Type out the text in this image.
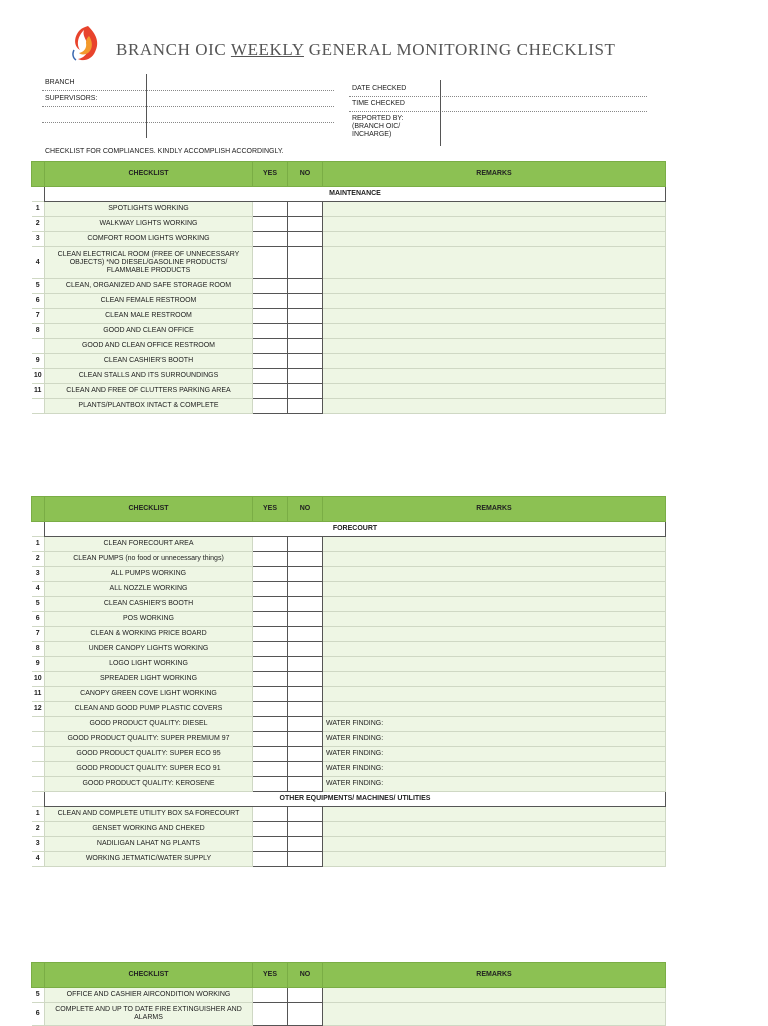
BRANCH OIC WEEKLY GENERAL MONITORING CHECKLIST
BRANCH
SUPERVISORS:
DATE CHECKED
TIME CHECKED
REPORTED BY:
(BRANCH OIC/
INCHARGE)
CHECKLIST FOR COMPLIANCES. KINDLY ACCOMPLISH ACCORDINGLY.
	CHECKLIST	YES	NO	REMARKS
	MAINTENANCE			
1	SPOTLIGHTS WORKING			
2	WALKWAY LIGHTS WORKING			
3	COMFORT ROOM LIGHTS WORKING			
4	CLEAN ELECTRICAL ROOM (FREE OF UNNECESSARY OBJECTS) *NO DIESEL/GASOLINE PRODUCTS/ FLAMMABLE PRODUCTS			
5	CLEAN, ORGANIZED AND SAFE STORAGE ROOM			
6	CLEAN FEMALE RESTROOM			
7	CLEAN MALE RESTROOM			
8	GOOD AND CLEAN OFFICE			
	GOOD AND CLEAN OFFICE RESTROOM			
9	CLEAN CASHIER'S BOOTH			
10	CLEAN STALLS AND ITS SURROUNDINGS			
11	CLEAN AND FREE OF CLUTTERS PARKING AREA			
	PLANTS/PLANTBOX INTACT & COMPLETE			
	CHECKLIST	YES	NO	REMARKS
	FORECOURT			
1	CLEAN FORECOURT AREA			
2	CLEAN PUMPS (no food or unnecessary things)			
3	ALL PUMPS WORKING			
4	ALL NOZZLE WORKING			
5	CLEAN CASHIER'S BOOTH			
6	POS WORKING			
7	CLEAN & WORKING PRICE BOARD			
8	UNDER CANOPY LIGHTS WORKING			
9	LOGO LIGHT WORKING			
10	SPREADER LIGHT WORKING			
11	CANOPY GREEN COVE LIGHT WORKING			
12	CLEAN AND GOOD PUMP PLASTIC COVERS			
	GOOD PRODUCT QUALITY: DIESEL			WATER FINDING:
	GOOD PRODUCT QUALITY: SUPER PREMIUM 97			WATER FINDING:
	GOOD PRODUCT QUALITY: SUPER ECO 95			WATER FINDING:
	GOOD PRODUCT QUALITY: SUPER ECO 91			WATER FINDING:
	GOOD PRODUCT QUALITY: KEROSENE			WATER FINDING:
	OTHER EQUIPMENTS/ MACHINES/ UTILITIES			
1	CLEAN AND COMPLETE UTILITY BOX SA FORECOURT			
2	GENSET WORKING AND CHEKED			
3	NADILIGAN LAHAT NG PLANTS			
4	WORKING JETMATIC/WATER SUPPLY			
	CHECKLIST	YES	NO	REMARKS
5	OFFICE AND CASHIER AIRCONDITION WORKING			
6	COMPLETE AND UP TO DATE FIRE EXTINGUISHER AND ALARMS			
